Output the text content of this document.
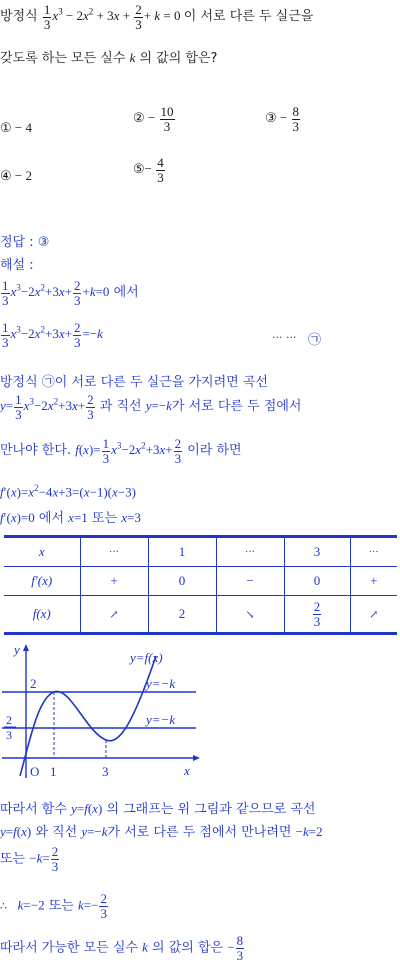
방정식 $\frac{1}{3} x^3 - 2x^2 + 3x + \frac{2}{3} + k = 0$ 이 서로 다른 두 실근을
갖도록 하는 모든 실수 k 의 값의 합은?
① − 4
② − $\frac{10}{3}$	③ − $\frac{8}{3}$
④ − 2	⑤− $\frac{4}{3}$
정답 : ③
해설 :
$\frac{1}{3} x^3-2x^2+3x+ \frac{2}{3} +k=0$ 에서
$\frac{1}{3} x^3-2x^2+3x+ \frac{2}{3} =-k$	··· ··· ㉠
방정식 ㉠이 서로 다른 두 실근을 가지려면 곡선
$y= \frac{1}{3} x^3-2x^2+3x+ \frac{2}{3}$ 과 직선 y=−k가 서로 다른 두 점에서
만나야 한다. $f(x)= \frac{1}{3} x^3-2x^2+3x+ \frac{2}{3}$ 이라 하면
$f'(x)=x^2-4x+3=(x-1)(x-3)$
f′(x)=0 에서 x=1 또는 x=3
x	···	1	···	3	···
f′(x)	+	0	−	0	+
f(x)	↗	2	↘	$\frac{2}{3}$	↗
y
x
O
2
1	3
2
3
y=f(x)
y=−k
y=−k
따라서 함수 y=f(x) 의 그래프는 위 그림과 같으므로 곡선
y=f(x) 와 직선 y=−k가 서로 다른 두 점에서 만나려면 −k=2
또는 $-k= \frac{2}{3}$
∴   k=−2 또는 $k=- \frac{2}{3}$
따라서 가능한 모든 실수 k 의 값의 합은 − $\frac{8}{3}$
